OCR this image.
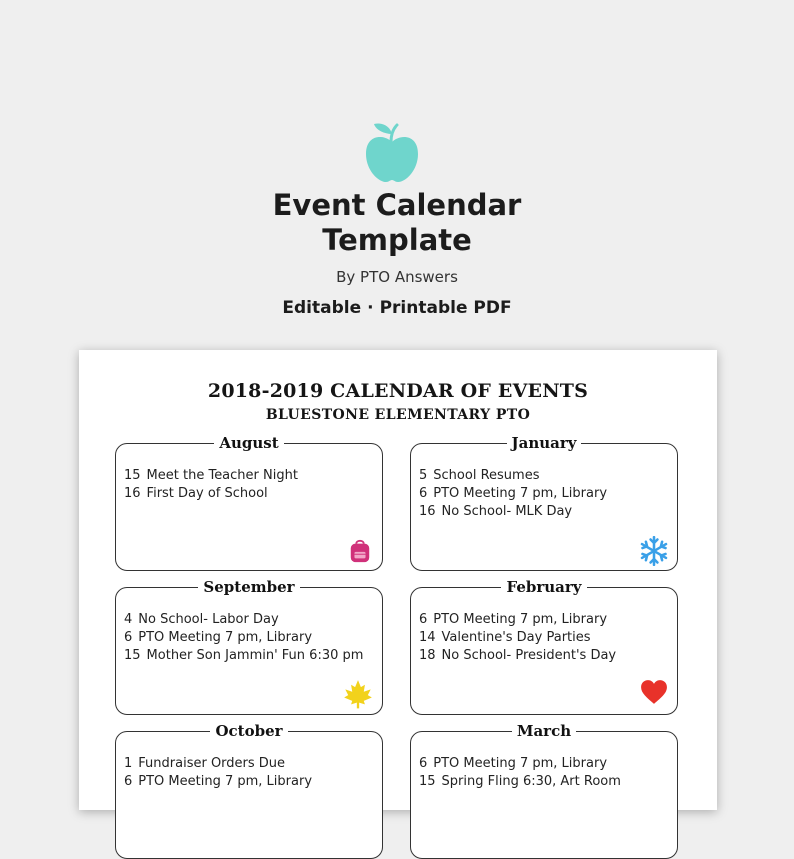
Event Calendar
Template
By PTO Answers
Editable · Printable PDF
2018-2019 CALENDAR OF EVENTS
BLUESTONE ELEMENTARY PTO
August
15 Meet the Teacher Night
16 First Day of School
January
5 School Resumes
6 PTO Meeting 7 pm, Library
16 No School- MLK Day
September
4 No School- Labor Day
6 PTO Meeting 7 pm, Library
15 Mother Son Jammin' Fun 6:30 pm
February
6 PTO Meeting 7 pm, Library
14 Valentine's Day Parties
18 No School- President's Day
October
1 Fundraiser Orders Due
6 PTO Meeting 7 pm, Library
March
6 PTO Meeting 7 pm, Library
15 Spring Fling 6:30, Art Room
